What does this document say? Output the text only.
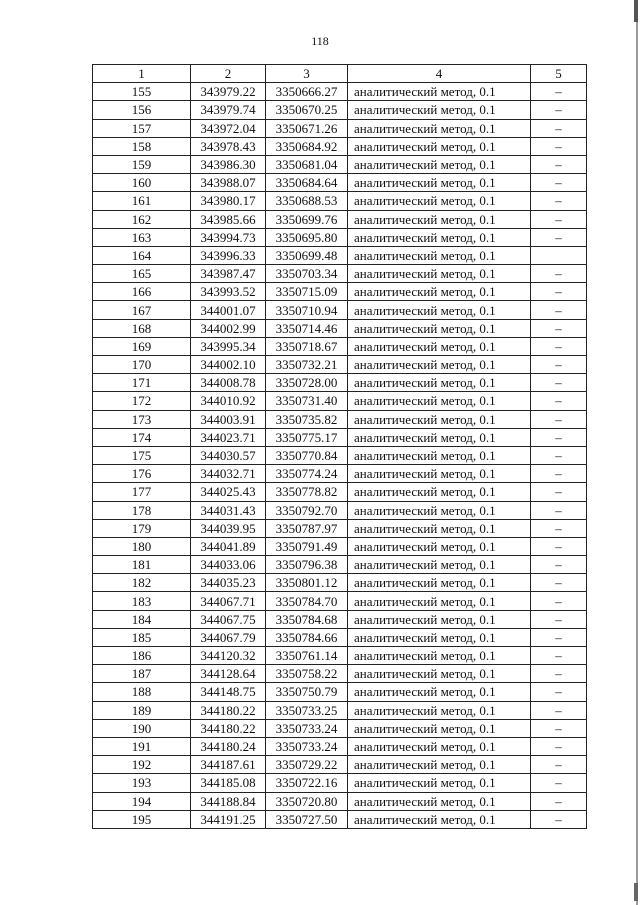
118
1	2	3	4	5
155	343979.22	3350666.27	аналитический метод, 0.1	–
156	343979.74	3350670.25	аналитический метод, 0.1	–
157	343972.04	3350671.26	аналитический метод, 0.1	–
158	343978.43	3350684.92	аналитический метод, 0.1	–
159	343986.30	3350681.04	аналитический метод, 0.1	–
160	343988.07	3350684.64	аналитический метод, 0.1	–
161	343980.17	3350688.53	аналитический метод, 0.1	–
162	343985.66	3350699.76	аналитический метод, 0.1	–
163	343994.73	3350695.80	аналитический метод, 0.1	–
164	343996.33	3350699.48	аналитический метод, 0.1	
165	343987.47	3350703.34	аналитический метод, 0.1	–
166	343993.52	3350715.09	аналитический метод, 0.1	–
167	344001.07	3350710.94	аналитический метод, 0.1	–
168	344002.99	3350714.46	аналитический метод, 0.1	–
169	343995.34	3350718.67	аналитический метод, 0.1	–
170	344002.10	3350732.21	аналитический метод, 0.1	–
171	344008.78	3350728.00	аналитический метод, 0.1	–
172	344010.92	3350731.40	аналитический метод, 0.1	–
173	344003.91	3350735.82	аналитический метод, 0.1	–
174	344023.71	3350775.17	аналитический метод, 0.1	–
175	344030.57	3350770.84	аналитический метод, 0.1	–
176	344032.71	3350774.24	аналитический метод, 0.1	–
177	344025.43	3350778.82	аналитический метод, 0.1	–
178	344031.43	3350792.70	аналитический метод, 0.1	–
179	344039.95	3350787.97	аналитический метод, 0.1	–
180	344041.89	3350791.49	аналитический метод, 0.1	–
181	344033.06	3350796.38	аналитический метод, 0.1	–
182	344035.23	3350801.12	аналитический метод, 0.1	–
183	344067.71	3350784.70	аналитический метод, 0.1	–
184	344067.75	3350784.68	аналитический метод, 0.1	–
185	344067.79	3350784.66	аналитический метод, 0.1	–
186	344120.32	3350761.14	аналитический метод, 0.1	–
187	344128.64	3350758.22	аналитический метод, 0.1	–
188	344148.75	3350750.79	аналитический метод, 0.1	–
189	344180.22	3350733.25	аналитический метод, 0.1	–
190	344180.22	3350733.24	аналитический метод, 0.1	–
191	344180.24	3350733.24	аналитический метод, 0.1	–
192	344187.61	3350729.22	аналитический метод, 0.1	–
193	344185.08	3350722.16	аналитический метод, 0.1	–
194	344188.84	3350720.80	аналитический метод, 0.1	–
195	344191.25	3350727.50	аналитический метод, 0.1	–
